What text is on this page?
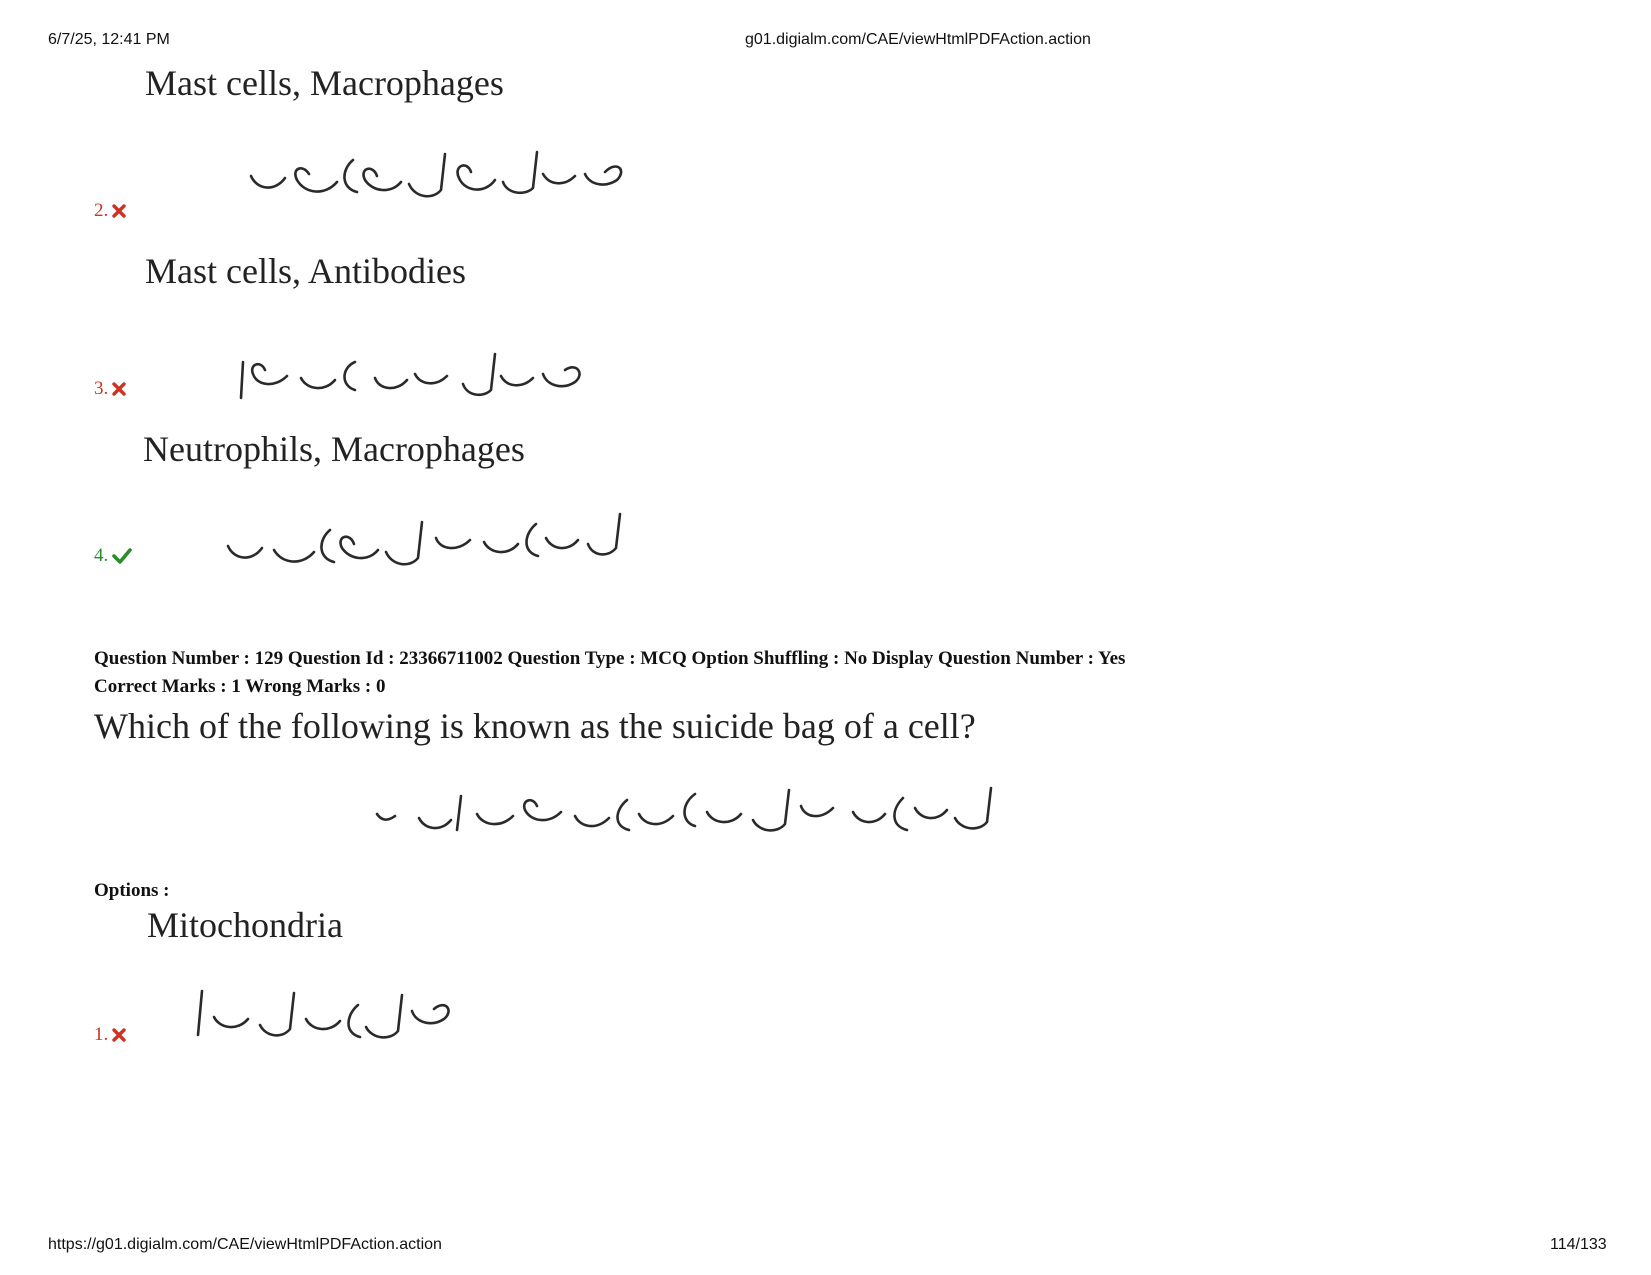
6/7/25, 12:41 PM	g01.digialm.com/CAE/viewHtmlPDFAction.action

Mast cells, Macrophages

2.

Mast cells, Antibodies

3.

Neutrophils, Macrophages

4.

Question Number : 129 Question Id : 23366711002 Question Type : MCQ Option Shuffling : No Display Question Number : Yes

Correct Marks : 1 Wrong Marks : 0

Which of the following is known as the suicide bag of a cell?

Options :

Mitochondria

1.

https://g01.digialm.com/CAE/viewHtmlPDFAction.action	114/133
